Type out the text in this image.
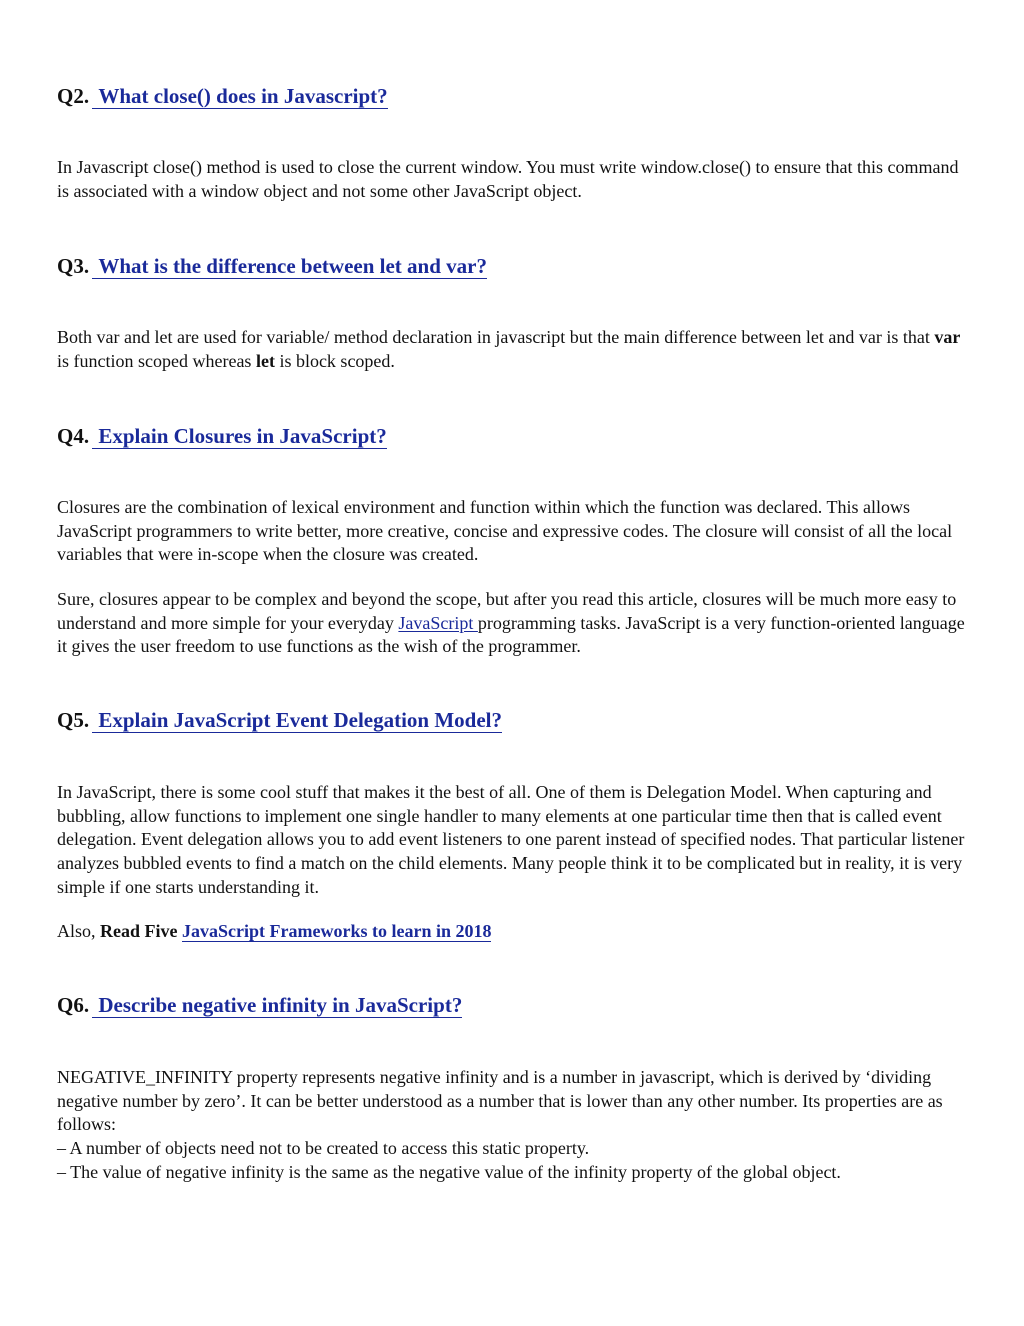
Q2. What close() does in Javascript?

In Javascript close() method is used to close the current window. You must write window.close() to ensure that this command is associated with a window object and not some other JavaScript object.

Q3. What is the difference between let and var?

Both var and let are used for variable/ method declaration in javascript but the main difference between let and var is that var is function scoped whereas let is block scoped.

Q4. Explain Closures in JavaScript?

Closures are the combination of lexical environment and function within which the function was declared. This allows JavaScript programmers to write better, more creative, concise and expressive codes. The closure will consist of all the local variables that were in-scope when the closure was created.

Sure, closures appear to be complex and beyond the scope, but after you read this article, closures will be much more easy to understand and more simple for your everyday JavaScript programming tasks. JavaScript is a very function-oriented language it gives the user freedom to use functions as the wish of the programmer.

Q5. Explain JavaScript Event Delegation Model?

In JavaScript, there is some cool stuff that makes it the best of all. One of them is Delegation Model. When capturing and bubbling, allow functions to implement one single handler to many elements at one particular time then that is called event delegation. Event delegation allows you to add event listeners to one parent instead of specified nodes. That particular listener analyzes bubbled events to find a match on the child elements. Many people think it to be complicated but in reality, it is very simple if one starts understanding it.

Also, Read Five JavaScript Frameworks to learn in 2018

Q6. Describe negative infinity in JavaScript?

NEGATIVE_INFINITY property represents negative infinity and is a number in javascript, which is derived by ‘dividing negative number by zero’. It can be better understood as a number that is lower than any other number. Its properties are as follows:

– A number of objects need not to be created to access this static property.

– The value of negative infinity is the same as the negative value of the infinity property of the global object.
